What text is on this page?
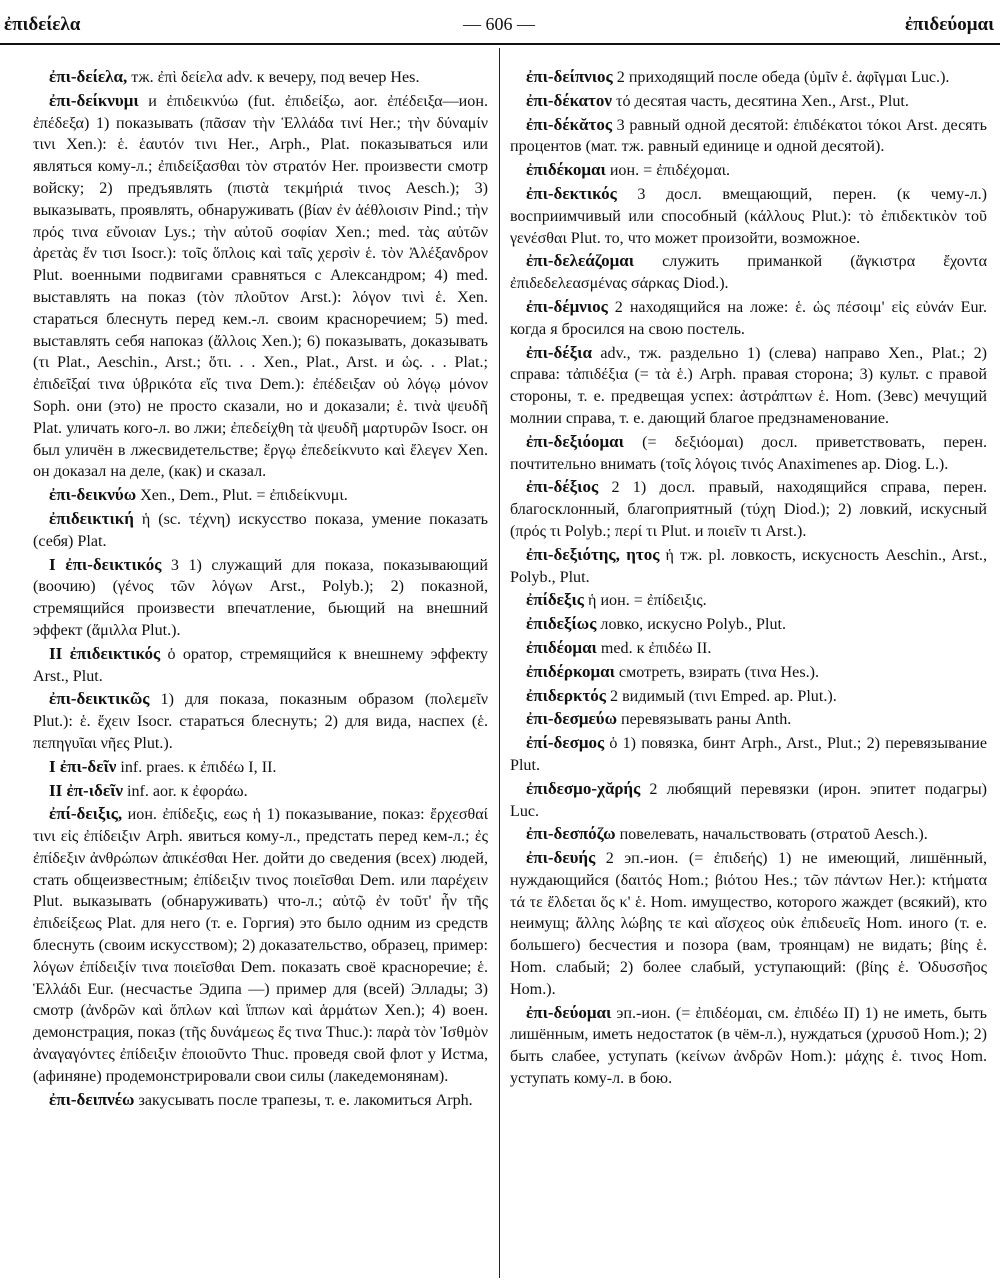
— 606 —
ἐπιδείελα	ἐπιδεύομαι

ἐπι-δείελα, тж. ἐπὶ δείελα adv. к вечеру, под вечер Hes.

ἐπι-δείκνυμι и ἐπιδεικνύω (fut. ἐπιδείξω, aor. ἐπέδειξα—ион. ἐπέδεξα) 1) показывать (πᾶσαν τὴν Ἑλλάδα τινί Her.; τὴν δύναμίν τινι Xen.): ἑ. ἑαυτόν τινι Her., Arph., Plat. показываться или являться кому-л.; ἐπιδείξασθαι τὸν στρατόν Her. произвести смотр войску; 2) предъявлять (πιστὰ τεκμήριά τινος Aesch.); 3) выказывать, проявлять, обнаруживать (βίαν ἐν ἀέθλοισιν Pind.; τὴν πρός τινα εὔνοιαν Lys.; τὴν αὐτοῦ σοφίαν Xen.; med. τὰς αὐτῶν ἀρετὰς ἔν τισι Isocr.): τοῖς ὅπλοις καὶ ταῖς χερσὶν ἑ. τὸν Ἀλέξανδρον Plut. военными подвигами сравняться с Александром; 4) med. выставлять на показ (τὸν πλοῦτον Arst.): λόγον τινὶ ἑ. Xen. стараться блеснуть перед кем.-л. своим красноречием; 5) med. выставлять себя напоказ (ἄλλοις Xen.); 6) показывать, доказывать (τι Plat., Aeschin., Arst.; ὅτι. . . Xen., Plat., Arst. и ὡς. . . Plat.; ἐπιδεῖξαί τινα ὑβρικότα εἴς τινα Dem.): ἐπέδειξαν οὐ λόγῳ μόνον Soph. они (это) не просто сказали, но и доказали; ἑ. τινὰ ψευδῆ Plat. уличать кого-л. во лжи; ἐπεδείχθη τὰ ψευδῆ μαρτυρῶν Isocr. он был уличён в лжесвидетельстве; ἔργῳ ἐπεδείκνυτο καὶ ἔλεγεν Xen. он доказал на деле, (как) и сказал.

ἐπι-δεικνύω Xen., Dem., Plut. = ἐπιδείκνυμι.

ἐπιδεικτική ἡ (sc. τέχνη) искусство показа, умение показать (себя) Plat.

I ἐπι-δεικτικός 3 1) служащий для показа, показывающий (воочию) (γένος τῶν λόγων Arst., Polyb.); 2) показной, стремящийся произвести впечатление, бьющий на внешний эффект (ἅμιλλα Plut.).

II ἐπιδεικτικός ὁ оратор, стремящийся к внешнему эффекту Arst., Plut.

ἐπι-δεικτικῶς 1) для показа, показным образом (πολεμεῖν Plut.): ἑ. ἔχειν Isocr. стараться блеснуть; 2) для вида, наспех (ἑ. πεπηγυῖαι νῆες Plut.).

I ἐπι-δεῖν inf. praes. к ἐπιδέω I, II.

II ἐπ-ιδεῖν inf. aor. к ἐφοράω.

ἐπί-δειξις, ион. ἐπίδεξις, εως ἡ 1) показывание, показ: ἔρχεσθαί τινι εἰς ἐπίδειξιν Arph. явиться кому-л., предстать перед кем-л.; ἐς ἐπίδεξιν ἀνθρώπων ἀπικέσθαι Her. дойти до сведения (всех) людей, стать общеизвестным; ἐπίδειξιν τινος ποιεῖσθαι Dem. или παρέχειν Plut. выказывать (обнаруживать) что-л.; αὐτῷ ἐν τοῦτ' ἦν τῆς ἐπιδείξεως Plat. для него (т. е. Горгия) это было одним из средств блеснуть (своим искусством); 2) доказательство, образец, пример: λόγων ἐπίδειξίν τινα ποιεῖσθαι Dem. показать своё красноречие; ἑ. Ἑλλάδι Eur. (несчастье Эдипа —) пример для (всей) Эллады; 3) смотр (ἀνδρῶν καὶ ὅπλων καὶ ἵππων καὶ ἁρμάτων Xen.); 4) воен. демонстрация, показ (τῆς δυνάμεως ἔς τινα Thuc.): παρὰ τὸν Ἰσθμὸν ἀναγαγόντες ἐπίδειξιν ἐποιοῦντο Thuc. проведя свой флот у Истма, (афиняне) продемонстрировали свои силы (лакедемонянам).

ἐπι-δειπνέω закусывать после трапезы, т. е. лакомиться Arph.

ἐπι-δείπνιος 2 приходящий после обеда (ὑμῖν ἑ. ἀφῖγμαι Luc.).

ἐπι-δέκατον τό десятая часть, десятина Xen., Arst., Plut.

ἐπι-δέκᾰτος 3 равный одной десятой: ἐπιδέκατοι τόκοι Arst. десять процентов (мат. тж. равный единице и одной десятой).

ἐπιδέκομαι ион. = ἐπιδέχομαι.

ἐπι-δεκτικός 3 досл. вмещающий, перен. (к чему-л.) восприимчивый или способный (κάλλους Plut.): τὸ ἐπιδεκτικὸν τοῦ γενέσθαι Plut. то, что может произойти, возможное.

ἐπι-δελεάζομαι служить приманкой (ἄγκιστρα ἔχοντα ἐπιδεδελεασμένας σάρκας Diod.).

ἐπι-δέμνιος 2 находящийся на ложе: ἑ. ὡς πέσοιμ' εἰς εὐνάν Eur. когда я бросился на свою постель.

ἐπι-δέξια adv., тж. раздельно 1) (слева) направо Xen., Plat.; 2) справа: τἀπιδέξια (= τὰ ἑ.) Arph. правая сторона; 3) культ. с правой стороны, т. е. предвещая успех: ἀστράπτων ἑ. Hom. (Зевс) мечущий молнии справа, т. е. дающий благое предзнаменование.

ἐπι-δεξιόομαι (= δεξιόομαι) досл. приветствовать, перен. почтительно внимать (τοῖς λόγοις τινός Anaximenes ap. Diog. L.).

ἐπι-δέξιος 2 1) досл. правый, находящийся справа, перен. благосклонный, благоприятный (τύχη Diod.); 2) ловкий, искусный (πρός τι Polyb.; περί τι Plut. и ποιεῖν τι Arst.).

ἐπι-δεξιότης, ητος ἡ тж. pl. ловкость, искусность Aeschin., Arst., Polyb., Plut.

ἐπίδεξις ἡ ион. = ἐπίδειξις.

ἐπιδεξίως ловко, искусно Polyb., Plut.

ἐπιδέομαι med. к ἐπιδέω II.

ἐπιδέρκομαι смотреть, взирать (τινα Hes.).

ἐπιδερκτός 2 видимый (τινι Emped. ap. Plut.).

ἐπι-δεσμεύω перевязывать раны Anth.

ἐπί-δεσμος ὁ 1) повязка, бинт Arph., Arst., Plut.; 2) перевязывание Plut.

ἐπιδεσμο-χᾰρής 2 любящий перевязки (ирон. эпитет подагры) Luc.

ἐπι-δεσπόζω повелевать, начальствовать (στρατοῦ Aesch.).

ἐπι-δευής 2 эп.-ион. (= ἐπιδεής) 1) не имеющий, лишённый, нуждающийся (δαιτός Hom.; βιότου Hes.; τῶν πάντων Her.): κτήματα τά τε ἔλδεται ὅς κ' ἑ. Hom. имущество, которого жаждет (всякий), кто неимущ; ἄλλης λώβης τε καὶ αἴσχεος οὐκ ἐπιδευεῖς Hom. иного (т. е. большего) бесчестия и позора (вам, троянцам) не видать; βίης ἑ. Hom. слабый; 2) более слабый, уступающий: (βίης ἑ. Ὀδυσσῆος Hom.).

ἐπι-δεύομαι эп.-ион. (= ἐπιδέομαι, см. ἐπιδέω II) 1) не иметь, быть лишённым, иметь недостаток (в чём-л.), нуждаться (χρυσοῦ Hom.); 2) быть слабее, уступать (κείνων ἀνδρῶν Hom.): μάχης ἑ. τινος Hom. уступать кому-л. в бою.
